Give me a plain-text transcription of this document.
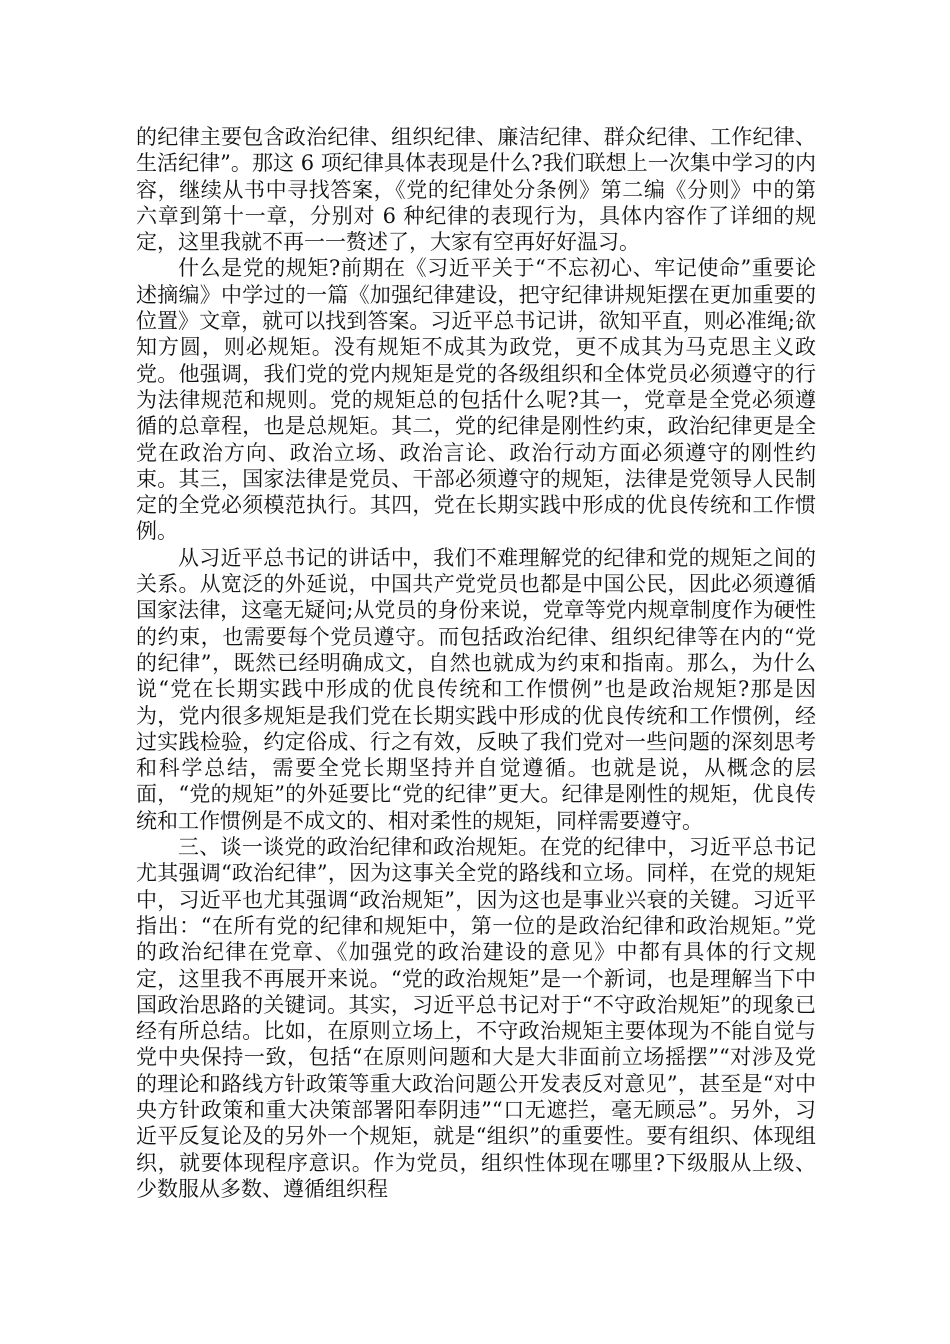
的纪律主要包含政治纪律、组织纪律、廉洁纪律、群众纪律、工作纪律、生活纪律”。那这 6 项纪律具体表现是什么?我们联想上一次集中学习的内容，继续从书中寻找答案，《党的纪律处分条例》第二编《分则》中的第六章到第十一章，分别对 6 种纪律的表现行为，具体内容作了详细的规定，这里我就不再一一赘述了，大家有空再好好温习。

什么是党的规矩?前期在《习近平关于“不忘初心、牢记使命”重要论述摘编》中学过的一篇《加强纪律建设，把守纪律讲规矩摆在更加重要的位置》文章，就可以找到答案。习近平总书记讲，欲知平直，则必准绳;欲知方圆，则必规矩。没有规矩不成其为政党，更不成其为马克思主义政党。他强调，我们党的党内规矩是党的各级组织和全体党员必须遵守的行为法律规范和规则。党的规矩总的包括什么呢?其一，党章是全党必须遵循的总章程，也是总规矩。其二，党的纪律是刚性约束，政治纪律更是全党在政治方向、政治立场、政治言论、政治行动方面必须遵守的刚性约束。其三，国家法律是党员、干部必须遵守的规矩，法律是党领导人民制定的全党必须模范执行。其四，党在长期实践中形成的优良传统和工作惯例。

从习近平总书记的讲话中，我们不难理解党的纪律和党的规矩之间的关系。从宽泛的外延说，中国共产党党员也都是中国公民，因此必须遵循国家法律，这毫无疑问;从党员的身份来说，党章等党内规章制度作为硬性的约束，也需要每个党员遵守。而包括政治纪律、组织纪律等在内的“党的纪律”，既然已经明确成文，自然也就成为约束和指南。那么，为什么说“党在长期实践中形成的优良传统和工作惯例”也是政治规矩?那是因为，党内很多规矩是我们党在长期实践中形成的优良传统和工作惯例，经过实践检验，约定俗成、行之有效，反映了我们党对一些问题的深刻思考和科学总结，需要全党长期坚持并自觉遵循。也就是说，从概念的层面，“党的规矩”的外延要比“党的纪律”更大。纪律是刚性的规矩，优良传统和工作惯例是不成文的、相对柔性的规矩，同样需要遵守。

三、谈一谈党的政治纪律和政治规矩。在党的纪律中，习近平总书记尤其强调“政治纪律”，因为这事关全党的路线和立场。同样，在党的规矩中，习近平也尤其强调“政治规矩”，因为这也是事业兴衰的关键。习近平指出：“在所有党的纪律和规矩中，第一位的是政治纪律和政治规矩。”党的政治纪律在党章、《加强党的政治建设的意见》中都有具体的行文规定，这里我不再展开来说。“党的政治规矩”是一个新词，也是理解当下中国政治思路的关键词。其实，习近平总书记对于“不守政治规矩”的现象已经有所总结。比如，在原则立场上，不守政治规矩主要体现为不能自觉与党中央保持一致，包括“在原则问题和大是大非面前立场摇摆”“对涉及党的理论和路线方针政策等重大政治问题公开发表反对意见”，甚至是“对中央方针政策和重大决策部署阳奉阴违”“口无遮拦，毫无顾忌”。另外，习近平反复论及的另外一个规矩，就是“组织”的重要性。要有组织、体现组织，就要体现程序意识。作为党员，组织性体现在哪里?下级服从上级、少数服从多数、遵循组织程
